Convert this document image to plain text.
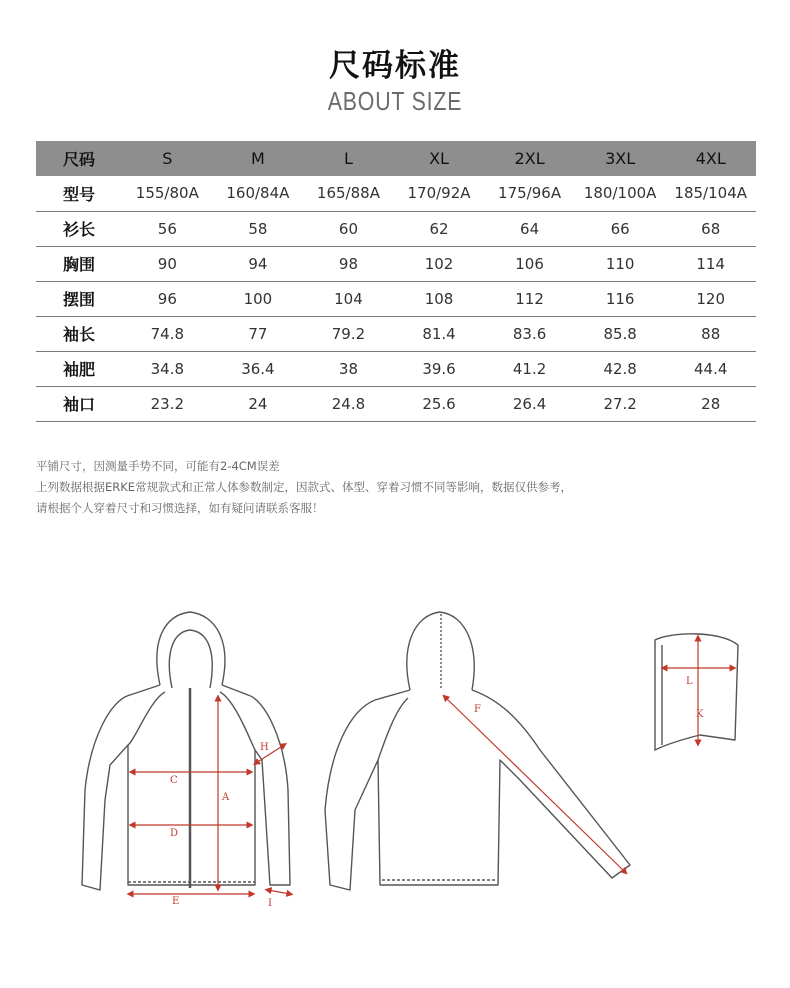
尺码标准
ABOUT SIZE
尺码	S	M	L	XL	2XL	3XL	4XL
型号	155/80A	160/84A	165/88A	170/92A	175/96A	180/100A	185/104A
衫长	56	58	60	62	64	66	68
胸围	90	94	98	102	106	110	114
摆围	96	100	104	108	112	116	120
袖长	74.8	77	79.2	81.4	83.6	85.8	88
袖肥	34.8	36.4	38	39.6	41.2	42.8	44.4
袖口	23.2	24	24.8	25.6	26.4	27.2	28

平铺尺寸，因测量手势不同，可能有2-4CM误差

上列数据根据ERKE常规款式和正常人体参数制定，因款式、体型、穿着习惯不同等影响，数据仅供参考，

请根据个人穿着尺寸和习惯选择，如有疑问请联系客服！

A
C
D
E
H
I
F
L
K
